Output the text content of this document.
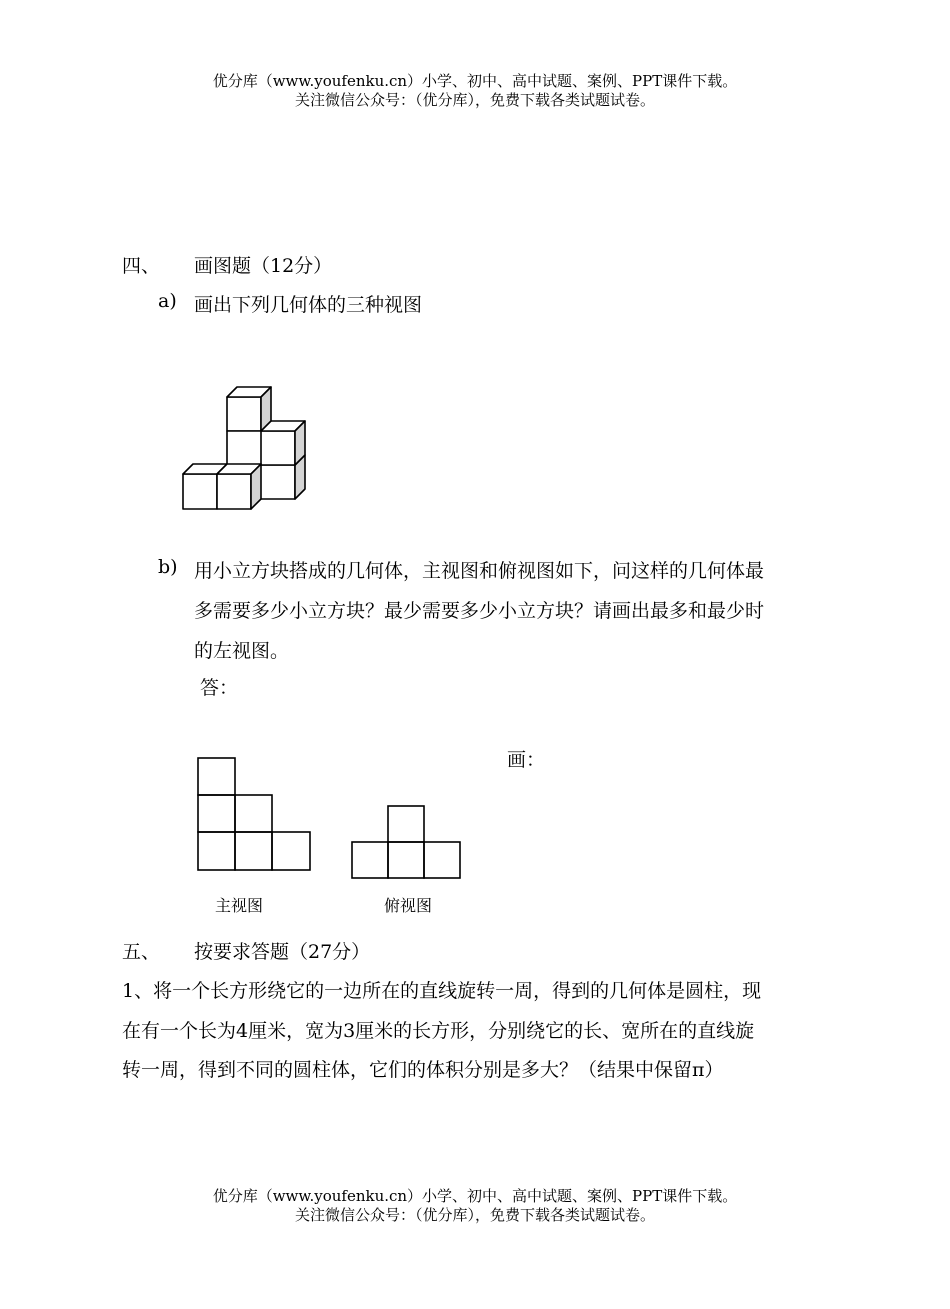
优分库（www.youfenku.cn）小学、初中、高中试题、案例、PPT课件下载。
关注微信公众号：（优分库），免费下载各类试题试卷。
四、 画图题（12分）
a) 画出下列几何体的三种视图
b) 用小立方块搭成的几何体，主视图和俯视图如下，问这样的几何体最
多需要多少小立方块？最少需要多少小立方块？请画出最多和最少时
的左视图。
答：
画：
主视图	俯视图
五、 按要求答题（27分）
1、将一个长方形绕它的一边所在的直线旋转一周，得到的几何体是圆柱，现
在有一个长为4厘米，宽为3厘米的长方形，分别绕它的长、宽所在的直线旋
转一周，得到不同的圆柱体，它们的体积分别是多大？（结果中保留π）
优分库（www.youfenku.cn）小学、初中、高中试题、案例、PPT课件下载。
关注微信公众号：（优分库），免费下载各类试题试卷。
